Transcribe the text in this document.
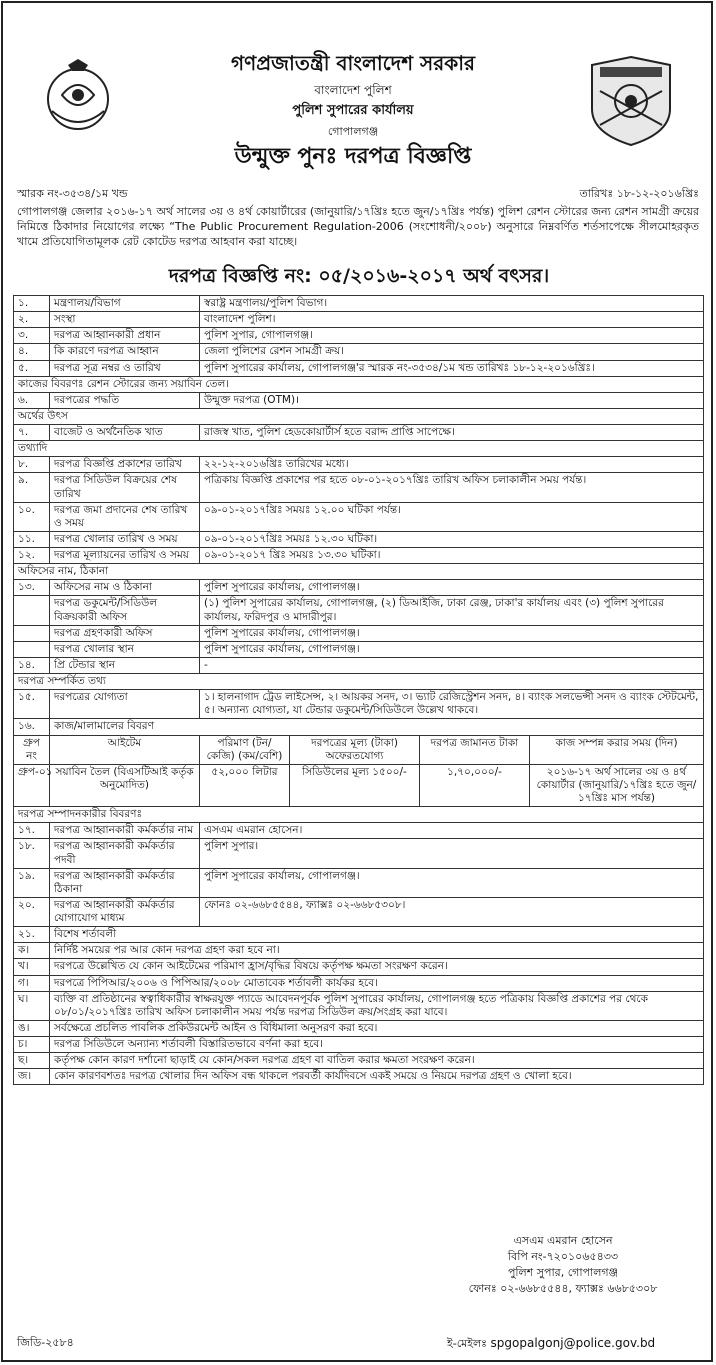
গণপ্রজাতন্ত্রী বাংলাদেশ সরকার
বাংলাদেশ পুলিশ
পুলিশ সুপারের কার্যালয়
গোপালগঞ্জ
উন্মুক্ত পুনঃ দরপত্র বিজ্ঞপ্তি
স্মারক নং-৩৫৩৪/১ম খন্ড	তারিখঃ ১৮-১২-২০১৬খ্রিঃ
গোপালগঞ্জ জেলার ২০১৬-১৭ অর্থ সালের ৩য় ও ৪র্থ কোয়ার্টারের (জানুয়ারি/১৭খ্রিঃ হতে জুন/১৭খ্রিঃ পর্যন্ত) পুলিশ রেশন স্টোরের জন্য রেশন সামগ্রী ক্রয়ের নিমিত্তে ঠিকাদার নিয়োগের লক্ষ্যে “The Public Procurement Regulation-2006 (সংশোধনী/২০০৮) অনুসারে নিম্নবর্ণিত শর্তসাপেক্ষে সীলমোহরকৃত খামে প্রতিযোগিতামূলক রেট কোটেড দরপত্র আহবান করা যাচ্ছে।
দরপত্র বিজ্ঞপ্তি নং: ০৫/২০১৬-২০১৭ অর্থ বৎসর।

১.	মন্ত্রণালয়/বিভাগ	স্বরাষ্ট্র মন্ত্রণালয়/পুলিশ বিভাগ।			
২.	সংস্থা	বাংলাদেশ পুলিশ।			
৩.	দরপত্র আহ্বানকারী প্রধান	পুলিশ সুপার, গোপালগঞ্জ।			
৪.	কি কারণে দরপত্র আহ্বান	জেলা পুলিশের রেশন সামগ্রী ক্রয়।			
৫.	দরপত্র সূত্র নম্বর ও তারিখ	পুলিশ সুপারের কার্যালয়, গোপালগঞ্জ'র স্মারক নং-৩৫৩৪/১ম খন্ড তারিখঃ ১৮-১২-২০১৬খ্রিঃ।			
কাজের বিবরণঃ রেশন স্টোরের জন্য সয়াবিন তেল।					
৬.	দরপত্রের পদ্ধতি	উন্মুক্ত দরপত্র (OTM)।			
অর্থের উৎস					
৭.	বাজেট ও অর্থনৈতিক খাত	রাজস্ব খাত, পুলিশ হেডকোয়ার্টার্স হতে বরাদ্দ প্রাপ্তি সাপেক্ষে।			
তথ্যাদি					
৮.	দরপত্র বিজ্ঞপ্তি প্রকাশের তারিখ	২২-১২-২০১৬খ্রিঃ তারিখের মধ্যে।			
৯.	দরপত্র সিডিউল বিক্রয়ের শেষ তারিখ	পত্রিকায় বিজ্ঞপ্তি প্রকাশের পর হতে ০৮-০১-২০১৭খ্রিঃ তারিখ অফিস চলাকালীন সময় পর্যন্ত।			
১০.	দরপত্র জমা প্রদানের শেষ তারিখ ও সময়	০৯-০১-২০১৭খ্রিঃ সময়ঃ ১২.০০ ঘটিকা পর্যন্ত।			
১১.	দরপত্র খোলার তারিখ ও সময়	০৯-০১-২০১৭খ্রিঃ সময়ঃ ১২.৩০ ঘটিকা।			
১২.	দরপত্র মূল্যায়নের তারিখ ও সময়	০৯-০১-২০১৭ খ্রিঃ সময়ঃ ১৩.৩০ ঘটিকা।			
অফিসের নাম, ঠিকানা					
১৩.	অফিসের নাম ও ঠিকানা	পুলিশ সুপারের কার্যালয়, গোপালগঞ্জ।			
	দরপত্র ডকুমেন্ট/সিডিউল বিক্রয়কারী অফিস	(১) পুলিশ সুপারের কার্যালয়, গোপালগঞ্জ, (২) ডিআইজি, ঢাকা রেঞ্জ, ঢাকা'র কার্যালয় এবং (৩) পুলিশ সুপারের কার্যালয়, ফরিদপুর ও মাদারীপুর।			
	দরপত্র গ্রহণকারী অফিস	পুলিশ সুপারের কার্যালয়, গোপালগঞ্জ।			
	দরপত্র খোলার স্থান	পুলিশ সুপারের কার্যালয়, গোপালগঞ্জ।			
১৪.	প্রি টেন্ডার স্থান	-			
দরপত্র সম্পর্কিত তথ্য					
১৫.	দরপত্রের যোগ্যতা	১। হালনাগাদ ট্রেড লাইসেন্স, ২। আয়কর সনদ, ৩। ভ্যাট রেজিস্ট্রেশন সনদ, ৪। ব্যাংক সলভেন্সী সনদ ও ব্যাংক স্টেটমেন্ট, ৫। অন্যান্য যোগ্যতা, যা টেন্ডার ডকুমেন্ট/সিডিউলে উল্লেখ থাকবে।			
১৬.	কাজ/মালামালের বিবরণ				
গ্রুপ নং	আইটেম	পরিমাণ (টন/কেজি) (কম/বেশি)	দরপত্রের মূল্য (টাকা) অফেরতযোগ্য	দরপত্র জামানত টাকা	কাজ সম্পন্ন করার সময় (দিন)
গ্রুপ-০১	সয়াবিন তৈল (বিএসটিআই কর্তৃক অনুমোদিত)	৫২,০০০ লিটার	সিডিউলের মূল্য ১৫০০/-	১,৭০,০০০/-	২০১৬-১৭ অর্থ সালের ৩য় ও ৪র্থ কোয়ার্টার (জানুয়ারি/১৭খ্রিঃ হতে জুন/১৭খ্রিঃ মাস পর্যন্ত)
দরপত্র সম্পাদনকারীর বিবরণঃ					
১৭.	দরপত্র আহ্বানকারী কর্মকর্তার নাম	এসএম এমরান হোসেন।			
১৮.	দরপত্র আহ্বানকারী কর্মকর্তার পদবী	পুলিশ সুপার।			
১৯.	দরপত্র আহ্বানকারী কর্মকর্তার ঠিকানা	পুলিশ সুপারের কার্যালয়, গোপালগঞ্জ।			
২০.	দরপত্র আহ্বানকারী কর্মকর্তার যোগাযোগ মাধ্যম	ফোনঃ ০২-৬৬৮৫৫৪৪, ফ্যাক্সঃ ০২-৬৬৮৫৩০৮।			
২১.	বিশেষ শর্তাবলী				
ক।	নির্দিষ্ট সময়ের পর আর কোন দরপত্র গ্রহণ করা হবে না।				
খ।	দরপত্রে উল্লেখিত যে কোন আইটেমের পরিমাণ হ্রাস/বৃদ্ধির বিষয়ে কর্তৃপক্ষ ক্ষমতা সংরক্ষণ করেন।				
গ।	দরপত্রে পিপিআর/২০০৬ ও পিপিআর/২০০৮ মোতাবেক শর্তাবলী কার্যকর হবে।				
ঘ।	ব্যক্তি বা প্রতিষ্ঠানের স্বত্বাধিকারীর স্বাক্ষরযুক্ত প্যাডে আবেদনপূর্বক পুলিশ সুপারের কার্যালয়, গোপালগঞ্জ হতে পত্রিকায় বিজ্ঞপ্তি প্রকাশের পর থেকে ০৮/০১/২০১৭খ্রিঃ তারিখ অফিস চলাকালীন সময় পর্যন্ত দরপত্র সিডিউল ক্রয়/সংগ্রহ করা যাবে।				
ঙ।	সর্বক্ষেত্রে প্রচলিত পাবলিক প্রকিউরমেন্ট আইন ও বিধিমালা অনুসরণ করা হবে।				
চ।	দরপত্র সিডিউলে অন্যান্য শর্তাবলী বিস্তারিতভাবে বর্ণনা করা হবে।				
ছ।	কর্তৃপক্ষ কোন কারণ দর্শানো ছাড়াই যে কোন/সকল দরপত্র গ্রহণ বা বাতিল করার ক্ষমতা সংরক্ষণ করেন।				
জ।	কোন কারণবশতঃ দরপত্র খোলার দিন অফিস বন্ধ থাকলে পরবর্তী কার্যদিবসে একই সময়ে ও নিয়মে দরপত্র গ্রহণ ও খোলা হবে।				
এসএম এমরান হোসেন
বিপি নং-৭২০১০৬৫৪৩৩
পুলিশ সুপার, গোপালগঞ্জ
ফোনঃ ০২-৬৬৮৫৫৪৪, ফ্যাক্সঃ ৬৬৮৫৩০৮
জিডি-২৫৮৪	ই-মেইলঃ spgopalgonj@police.gov.bd
